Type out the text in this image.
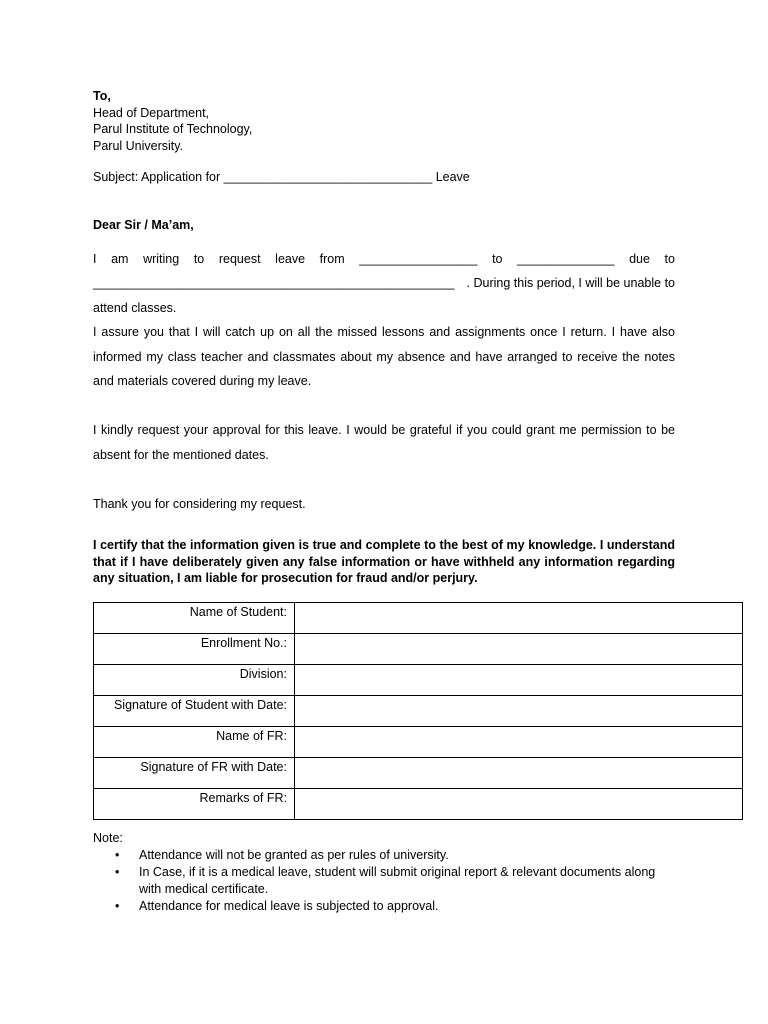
To,
Head of Department,
Parul Institute of Technology,
Parul University.
Subject: Application for ______________________________ Leave
Dear Sir / Ma’am,
I am writing to request leave from _________________ to ______________ due to
____________________________________________________ . During this period, I will be unable to
attend classes.
I assure you that I will catch up on all the missed lessons and assignments once I return. I have also informed my class teacher and classmates about my absence and have arranged to receive the notes and materials covered during my leave.
I kindly request your approval for this leave. I would be grateful if you could grant me permission to be absent for the mentioned dates.
Thank you for considering my request.
I certify that the information given is true and complete to the best of my knowledge. I understand that if I have deliberately given any false information or have withheld any information regarding any situation, I am liable for prosecution for fraud and/or perjury.
Name of Student:	
Enrollment No.:	
Division:	
Signature of Student with Date:	
Name of FR:	
Signature of FR with Date:	
Remarks of FR:	
Note:
•	Attendance will not be granted as per rules of university.
•	In Case, if it is a medical leave, student will submit original report & relevant documents along with medical certificate.
•	Attendance for medical leave is subjected to approval.
